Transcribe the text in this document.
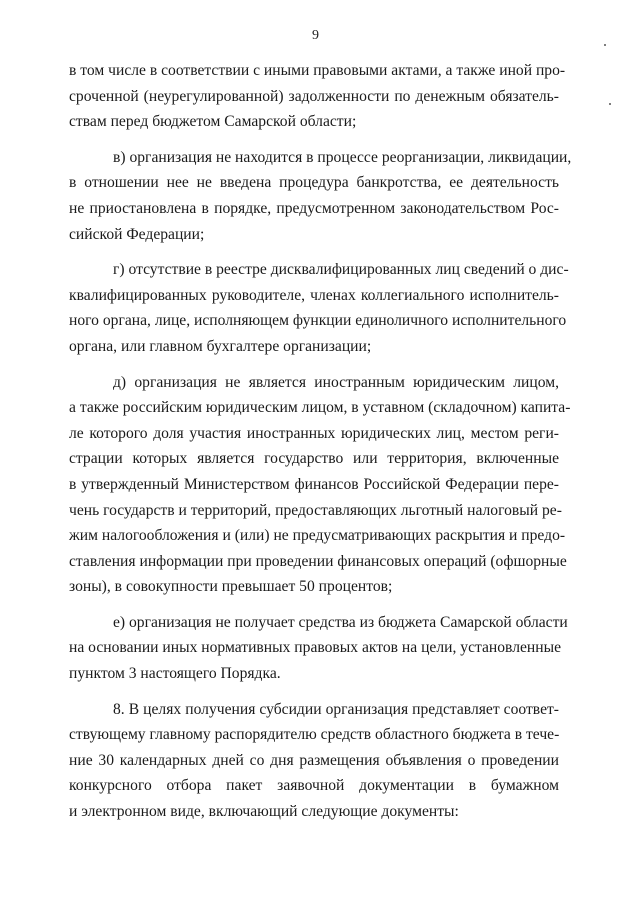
9

в том числе в соответствии с иными правовыми актами, а также иной про-
сроченной (неурегулированной) задолженности по денежным обязатель-
ствам перед бюджетом Самарской области;

в) организация не находится в процессе реорганизации, ликвидации,
в отношении нее не введена процедура банкротства, ее деятельность
не приостановлена в порядке, предусмотренном законодательством Рос-
сийской Федерации;

г) отсутствие в реестре дисквалифицированных лиц сведений о дис-
квалифицированных руководителе, членах коллегиального исполнитель-
ного органа, лице, исполняющем функции единоличного исполнительного
органа, или главном бухгалтере организации;

д) организация не является иностранным юридическим лицом,
а также российским юридическим лицом, в уставном (складочном) капита-
ле которого доля участия иностранных юридических лиц, местом реги-
страции которых является государство или территория, включенные
в утвержденный Министерством финансов Российской Федерации пере-
чень государств и территорий, предоставляющих льготный налоговый ре-
жим налогообложения и (или) не предусматривающих раскрытия и предо-
ставления информации при проведении финансовых операций (офшорные
зоны), в совокупности превышает 50 процентов;

е) организация не получает средства из бюджета Самарской области
на основании иных нормативных правовых актов на цели, установленные
пунктом 3 настоящего Порядка.

8. В целях получения субсидии организация представляет соответ-
ствующему главному распорядителю средств областного бюджета в тече-
ние 30 календарных дней со дня размещения объявления о проведении
конкурсного отбора пакет заявочной документации в бумажном
и электронном виде, включающий следующие документы:
